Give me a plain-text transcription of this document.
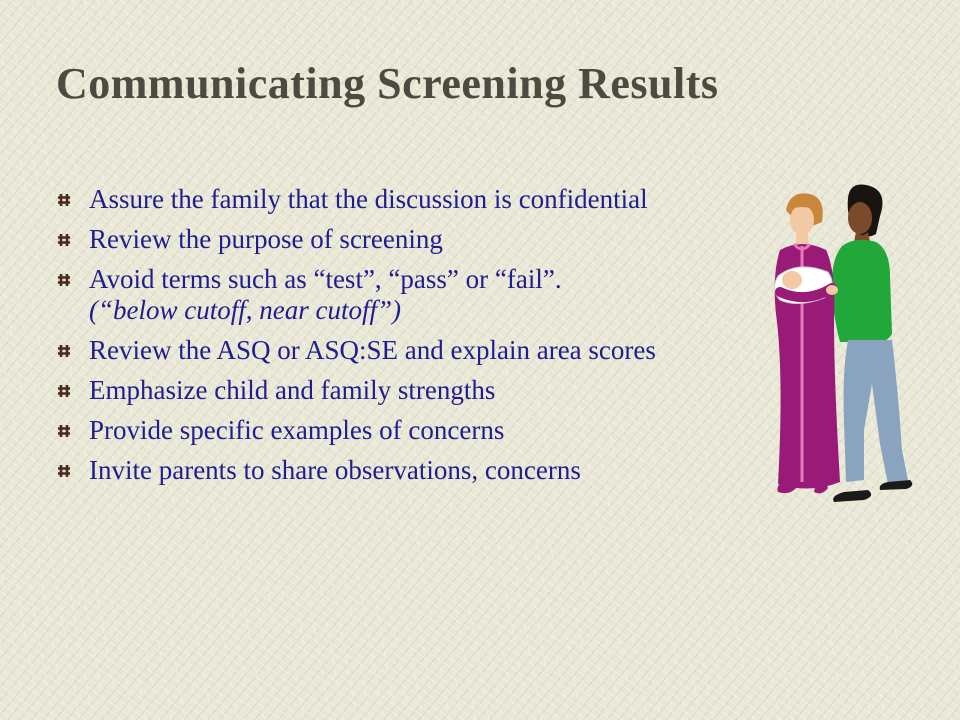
Communicating Screening Results
Assure the family that the discussion is confidential
Review the purpose of screening
Avoid terms such as “test”, “pass” or “fail”.
(“below cutoff, near cutoff”)
Review the ASQ or ASQ:SE and explain area scores
Emphasize child and family strengths
Provide specific examples of concerns
Invite parents to share observations, concerns
